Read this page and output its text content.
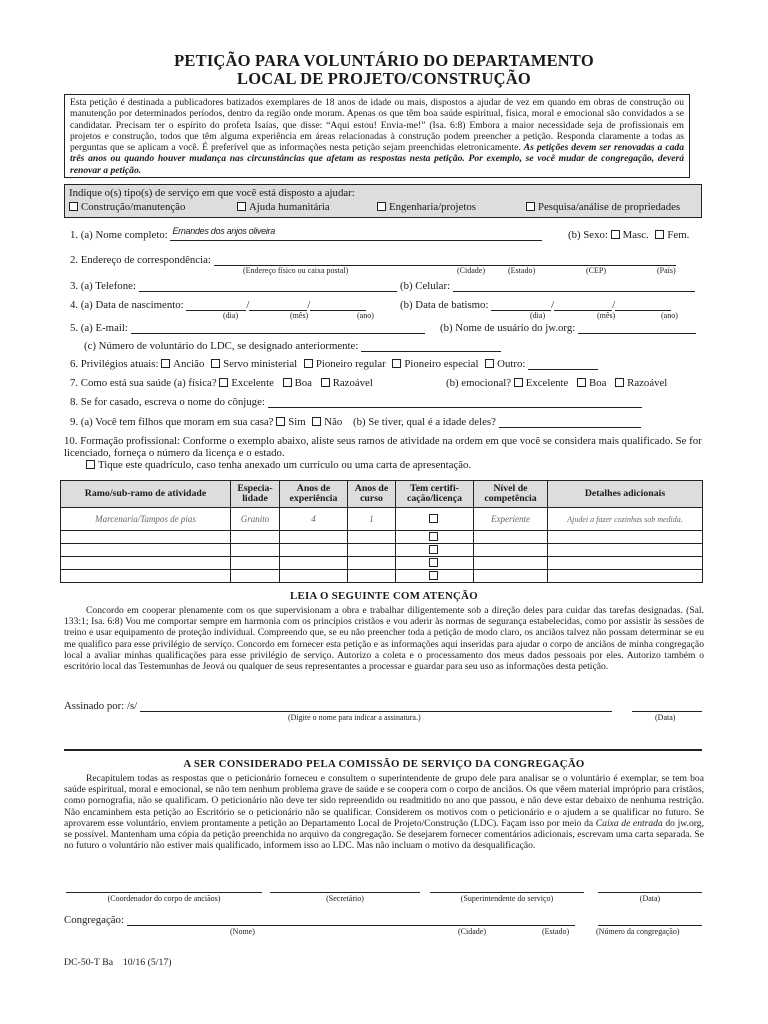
PETIÇÃO PARA VOLUNTÁRIO DO DEPARTAMENTO
LOCAL DE PROJETO/CONSTRUÇÃO
Esta petição é destinada a publicadores batizados exemplares de 18 anos de idade ou mais, dispostos a ajudar de vez em quando em obras de construção ou manutenção por determinados períodos, dentro da região onde moram. Apenas os que têm boa saúde espiritual, física, moral e emocional são convidados a se candidatar. Precisam ter o espírito do profeta Isaías, que disse: “Aqui estou! Envia-me!” (Isa. 6:8) Embora a maior necessidade seja de profissionais em projetos e construção, todos que têm alguma experiência em áreas relacionadas à construção podem preencher a petição. Responda claramente a todas as perguntas que se aplicam a você. É preferível que as informações nesta petição sejam preenchidas eletronicamente. As petições devem ser renovadas a cada três anos ou quando houver mudança nas circunstâncias que afetam as respostas nesta petição. Por exemplo, se você mudar de congregação, deverá renovar a petição.
Indique o(s) tipo(s) de serviço em que você está disposto a ajudar:
Construção/manutenção	Ajuda humanitária	Engenharia/projetos	Pesquisa/análise de propriedades
1. (a) Nome completo: Ernandes dos anjos oliveira	(b) Sexo: Masc. Fem.
2. Endereço de correspondência:
(Endereço físico ou caixa postal)	(Cidade)	(Estado)	(CEP)	(País)
3. (a) Telefone:	(b) Celular:
4. (a) Data de nascimento:	/	/	(b) Data de batismo:	/	/
(dia)	(mês)	(ano)	(dia)	(mês)	(ano)
5. (a) E-mail:	(b) Nome de usuário do jw.org:
(c) Número de voluntário do LDC, se designado anteriormente:
6. Privilégios atuais: Ancião Servo ministerial Pioneiro regular Pioneiro especial Outro:
7. Como está sua saúde (a) física? Excelente Boa Razoável	(b) emocional? Excelente Boa Razoável
8. Se for casado, escreva o nome do cônjuge:
9. (a) Você tem filhos que moram em sua casa? Sim Não (b) Se tiver, qual é a idade deles?
10. Formação profissional: Conforme o exemplo abaixo, aliste seus ramos de atividade na ordem em que você se considera mais qualificado. Se for licenciado, forneça o número da licença e o estado.
Tique este quadrículo, caso tenha anexado um currículo ou uma carta de apresentação.
Ramo/sub-ramo de atividade	Especia-lidade	Anos de experiência	Anos de curso	Tem certifi-cação/licença	Nível de competência	Detalhes adicionais
Marcenaria/Tampos de pias	Granito	4	1		Experiente	Ajudei a fazer cozinhas sob medida.

LEIA O SEGUINTE COM ATENÇÃO
Concordo em cooperar plenamente com os que supervisionam a obra e trabalhar diligentemente sob a direção deles para cuidar das tarefas designadas. (Sal. 133:1; Isa. 6:8) Vou me comportar sempre em harmonia com os princípios cristãos e vou aderir às normas de segurança estabelecidas, como por assistir às sessões de treino e usar equipamento de proteção individual. Compreendo que, se eu não preencher toda a petição de modo claro, os anciãos talvez não possam determinar se eu me qualifico para esse privilégio de serviço. Concordo em fornecer esta petição e as informações aqui inseridas para ajudar o corpo de anciãos de minha congregação local a avaliar minhas qualificações para esse privilégio de serviço. Autorizo a coleta e o processamento dos meus dados pessoais por eles. Autorizo também o escritório local das Testemunhas de Jeová ou qualquer de seus representantes a processar e guardar para seu uso as informações desta petição.
Assinado por: /s/
(Digite o nome para indicar a assinatura.)	(Data)
A SER CONSIDERADO PELA COMISSÃO DE SERVIÇO DA CONGREGAÇÃO
Recapitulem todas as respostas que o peticionário forneceu e consultem o superintendente de grupo dele para analisar se o voluntário é exemplar, se tem boa saúde espiritual, moral e emocional, se não tem nenhum problema grave de saúde e se coopera com o corpo de anciãos. Os que vêem material impróprio para cristãos, como pornografia, não se qualificam. O peticionário não deve ter sido repreendido ou readmitido no ano que passou, e não deve estar debaixo de nenhuma restrição. Não encaminhem esta petição ao Escritório se o peticionário não se qualificar. Considerem os motivos com o peticionário e o ajudem a se qualificar no futuro. Se aprovarem esse voluntário, enviem prontamente a petição ao Departamento Local de Projeto/Construção (LDC). Façam isso por meio da Caixa de entrada do jw.org, se possível. Mantenham uma cópia da petição preenchida no arquivo da congregação. Se desejarem fornecer comentários adicionais, escrevam uma carta separada. Se no futuro o voluntário não estiver mais qualificado, informem isso ao LDC. Mas não incluam o motivo da desqualificação.
(Coordenador do corpo de anciãos)	(Secretário)	(Superintendente do serviço)	(Data)
Congregação:
(Nome)	(Cidade)	(Estado)	(Número da congregação)
DC-50-T Ba    10/16 (5/17)
